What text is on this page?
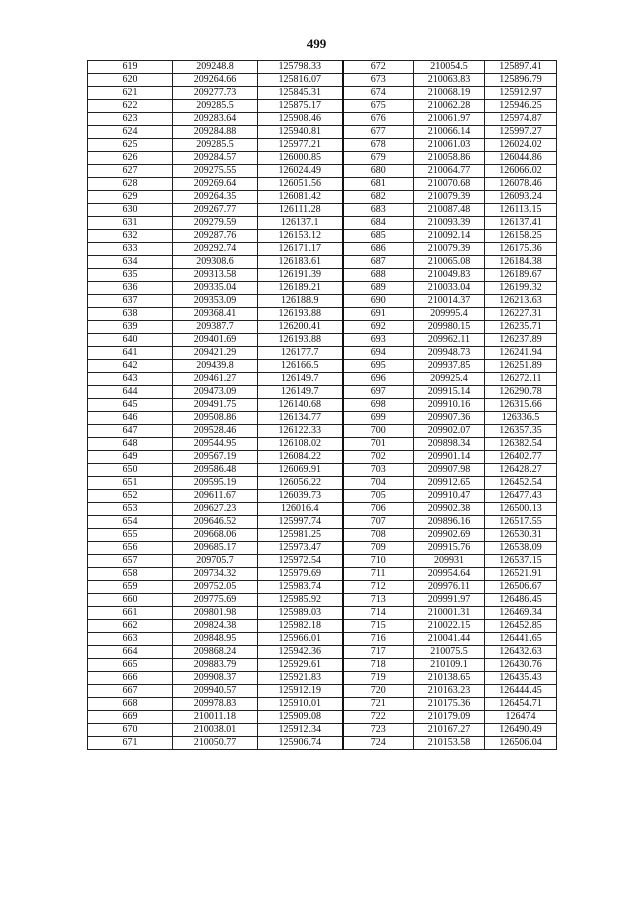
499
619	209248.8	125798.33	672	210054.5	125897.41
620	209264.66	125816.07	673	210063.83	125896.79
621	209277.73	125845.31	674	210068.19	125912.97
622	209285.5	125875.17	675	210062.28	125946.25
623	209283.64	125908.46	676	210061.97	125974.87
624	209284.88	125940.81	677	210066.14	125997.27
625	209285.5	125977.21	678	210061.03	126024.02
626	209284.57	126000.85	679	210058.86	126044.86
627	209275.55	126024.49	680	210064.77	126066.02
628	209269.64	126051.56	681	210070.68	126078.46
629	209264.35	126081.42	682	210079.39	126093.24
630	209267.77	126111.28	683	210087.48	126113.15
631	209279.59	126137.1	684	210093.39	126137.41
632	209287.76	126153.12	685	210092.14	126158.25
633	209292.74	126171.17	686	210079.39	126175.36
634	209308.6	126183.61	687	210065.08	126184.38
635	209313.58	126191.39	688	210049.83	126189.67
636	209335.04	126189.21	689	210033.04	126199.32
637	209353.09	126188.9	690	210014.37	126213.63
638	209368.41	126193.88	691	209995.4	126227.31
639	209387.7	126200.41	692	209980.15	126235.71
640	209401.69	126193.88	693	209962.11	126237.89
641	209421.29	126177.7	694	209948.73	126241.94
642	209439.8	126166.5	695	209937.85	126251.89
643	209461.27	126149.7	696	209925.4	126272.11
644	209473.09	126149.7	697	209915.14	126290.78
645	209491.75	126140.68	698	209910.16	126315.66
646	209508.86	126134.77	699	209907.36	126336.5
647	209528.46	126122.33	700	209902.07	126357.35
648	209544.95	126108.02	701	209898.34	126382.54
649	209567.19	126084.22	702	209901.14	126402.77
650	209586.48	126069.91	703	209907.98	126428.27
651	209595.19	126056.22	704	209912.65	126452.54
652	209611.67	126039.73	705	209910.47	126477.43
653	209627.23	126016.4	706	209902.38	126500.13
654	209646.52	125997.74	707	209896.16	126517.55
655	209668.06	125981.25	708	209902.69	126530.31
656	209685.17	125973.47	709	209915.76	126538.09
657	209705.7	125972.54	710	209931	126537.15
658	209734.32	125979.69	711	209954.64	126521.91
659	209752.05	125983.74	712	209976.11	126506.67
660	209775.69	125985.92	713	209991.97	126486.45
661	209801.98	125989.03	714	210001.31	126469.34
662	209824.38	125982.18	715	210022.15	126452.85
663	209848.95	125966.01	716	210041.44	126441.65
664	209868.24	125942.36	717	210075.5	126432.63
665	209883.79	125929.61	718	210109.1	126430.76
666	209908.37	125921.83	719	210138.65	126435.43
667	209940.57	125912.19	720	210163.23	126444.45
668	209978.83	125910.01	721	210175.36	126454.71
669	210011.18	125909.08	722	210179.09	126474
670	210038.01	125912.34	723	210167.27	126490.49
671	210050.77	125906.74	724	210153.58	126506.04
